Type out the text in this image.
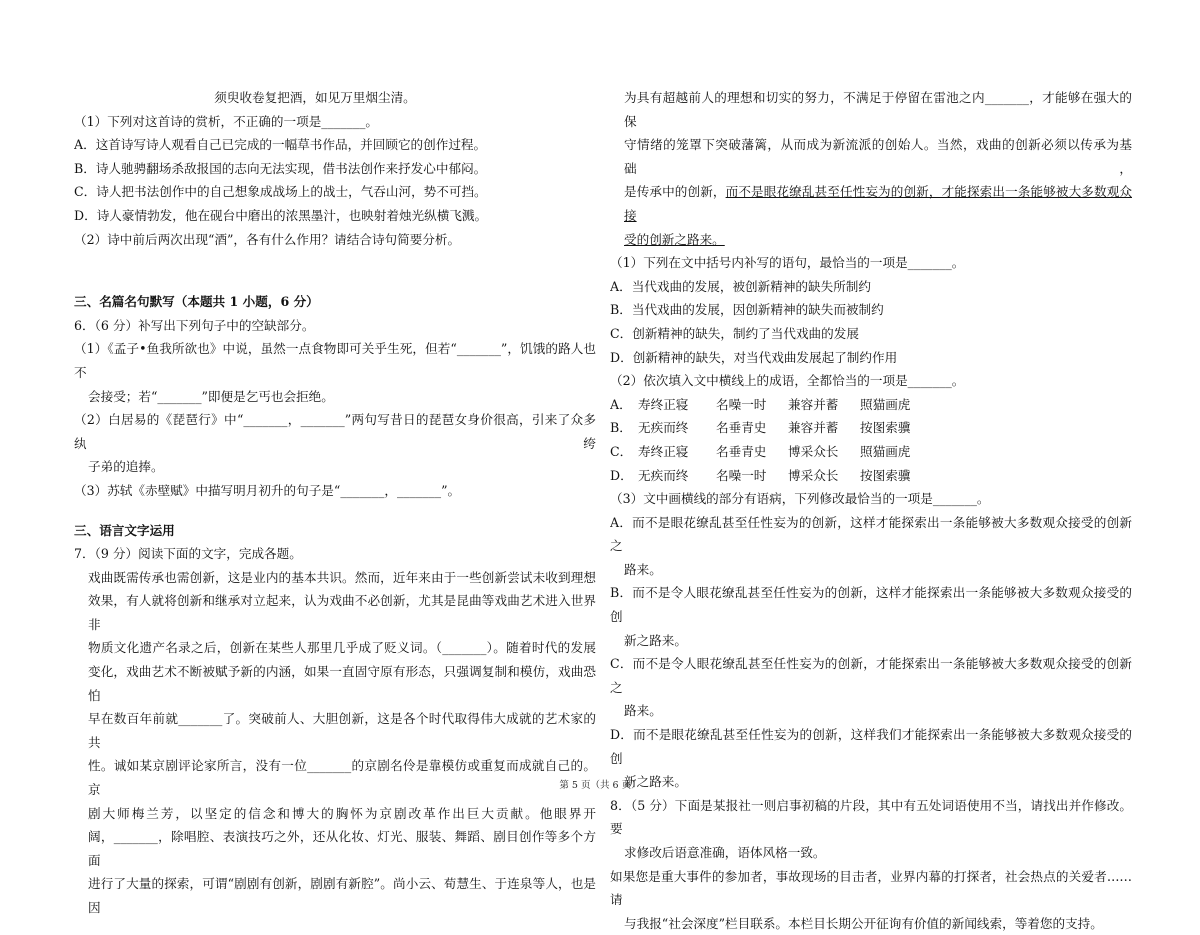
须臾收卷复把酒，如见万里烟尘清。
（1）下列对这首诗的赏析，不正确的一项是_______。
A．这首诗写诗人观看自己已完成的一幅草书作品，并回顾它的创作过程。
B．诗人驰骋翻场杀敌报国的志向无法实现，借书法创作来抒发心中郁闷。
C．诗人把书法创作中的自己想象成战场上的战士，气吞山河，势不可挡。
D．诗人豪情勃发，他在砚台中磨出的浓黑墨汁，也映射着烛光纵横飞溅。
（2）诗中前后两次出现“酒”，各有什么作用？请结合诗句简要分析。
三、名篇名句默写（本题共 1 小题，6 分）
6．（6 分）补写出下列句子中的空缺部分。
（1）《孟子•鱼我所欲也》中说，虽然一点食物即可关乎生死，但若“_______”，饥饿的路人也不
会接受；若“_______”即便是乞丐也会拒绝。
（2）白居易的《琵琶行》中“_______，_______”两句写昔日的琵琶女身价很高，引来了众多纨绔
子弟的追捧。
（3）苏轼《赤壁赋》中描写明月初升的句子是“_______，_______”。
三、语言文字运用
7．（9 分）阅读下面的文字，完成各题。
戏曲既需传承也需创新，这是业内的基本共识。然而，近年来由于一些创新尝试未收到理想
效果，有人就将创新和继承对立起来，认为戏曲不必创新，尤其是昆曲等戏曲艺术进入世界非
物质文化遗产名录之后，创新在某些人那里几乎成了贬义词。（_______）。随着时代的发展
变化，戏曲艺术不断被赋予新的内涵，如果一直固守原有形态，只强调复制和模仿，戏曲恐怕
早在数百年前就_______了。突破前人、大胆创新，这是各个时代取得伟大成就的艺术家的共
性。诚如某京剧评论家所言，没有一位_______的京剧名伶是靠模仿或重复而成就自己的。京
剧大师梅兰芳，以坚定的信念和博大的胸怀为京剧改革作出巨大贡献。他眼界开
阔，_______，除唱腔、表演技巧之外，还从化妆、灯光、服装、舞蹈、剧目创作等多个方面
进行了大量的探索，可谓“剧剧有创新，剧剧有新腔”。尚小云、荀慧生、于连泉等人，也是因
为具有超越前人的理想和切实的努力，不满足于停留在雷池之内_______，才能够在强大的保
守情绪的笼罩下突破藩篱，从而成为新流派的创始人。当然，戏曲的创新必须以传承为基础，
是传承中的创新，而不是眼花缭乱甚至任性妄为的创新，才能探索出一条能够被大多数观众接
受的创新之路来。
（1）下列在文中括号内补写的语句，最恰当的一项是_______。
A．当代戏曲的发展，被创新精神的缺失所制约
B．当代戏曲的发展，因创新精神的缺失而被制约
C．创新精神的缺失，制约了当代戏曲的发展
D．创新精神的缺失，对当代戏曲发展起了制约作用
（2）依次填入文中横线上的成语，全都恰当的一项是_______。
A． 寿终正寝 名噪一时 兼容并蓄 照猫画虎
B． 无疾而终 名垂青史 兼容并蓄 按图索骥
C． 寿终正寝 名垂青史 博采众长 照猫画虎
D． 无疾而终 名噪一时 博采众长 按图索骥
（3）文中画横线的部分有语病，下列修改最恰当的一项是_______。
A．而不是眼花缭乱甚至任性妄为的创新，这样才能探索出一条能够被大多数观众接受的创新之
路来。
B．而不是令人眼花缭乱甚至任性妄为的创新，这样才能探索出一条能够被大多数观众接受的创
新之路来。
C．而不是令人眼花缭乱甚至任性妄为的创新，才能探索出一条能够被大多数观众接受的创新之
路来。
D．而不是眼花缭乱甚至任性妄为的创新，这样我们才能探索出一条能够被大多数观众接受的创
新之路来。
8．（5 分）下面是某报社一则启事初稿的片段，其中有五处词语使用不当，请找出并作修改。要
求修改后语意准确，语体风格一致。
如果您是重大事件的参加者，事故现场的目击者，业界内幕的打探者，社会热点的关爱者……请
与我报“社会深度”栏目联系。本栏目长期公开征询有价值的新闻线索，等着您的支持。
第 5 页（共 6 页）
